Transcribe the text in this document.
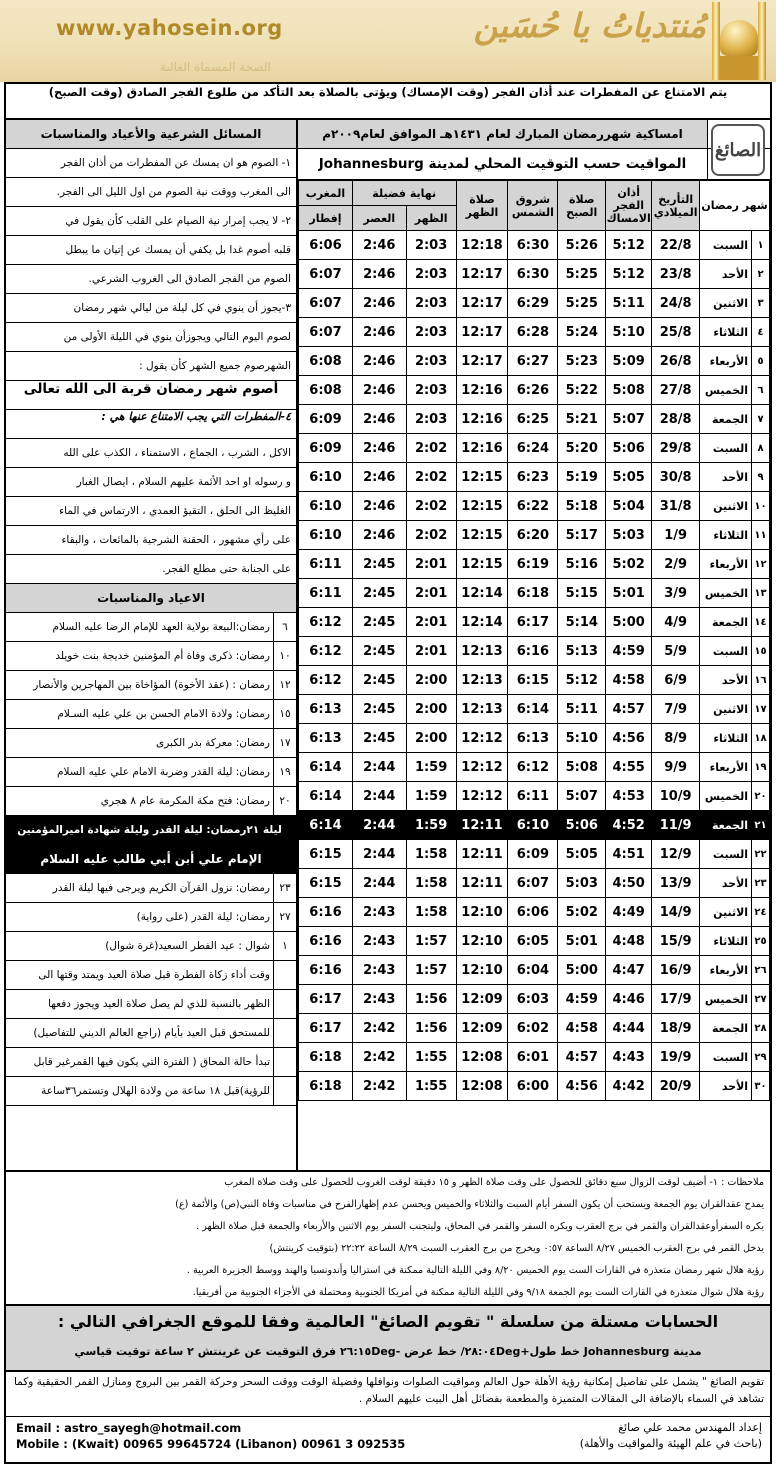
www.yahosein.org
الصحة المسماة الغالبة
مُنتدياتُ يا حُسَين
يتم الامتناع عن المفطرات عند أذان الفجر (وقت الإمساك) ويؤتى بالصلاة بعد التأكد من طلوع الفجر الصادق (وقت الصبح)
امساكية شهررمضان المبارك لعام ١٤٣١هـ الموافق لعام٢٠٠٩م
المواقيت حسب التوقيت المحلي لمدينة Johannesburg
الصائغ
شهر رمضان		التأريخ الميلادي	أذان الفجر الامساك	صلاة الصبح	شروق الشمس	صلاة الظهر	نهاية فضيلة		المغرب
							الظهر	العصر	إفطار
١	السبت	22/8	5:12	5:26	6:30	12:18	2:03	2:46	6:06
٢	الأحد	23/8	5:12	5:25	6:30	12:17	2:03	2:46	6:07
٣	الاثنين	24/8	5:11	5:25	6:29	12:17	2:03	2:46	6:07
٤	الثلاثاء	25/8	5:10	5:24	6:28	12:17	2:03	2:46	6:07
٥	الأربعاء	26/8	5:09	5:23	6:27	12:17	2:03	2:46	6:08
٦	الخميس	27/8	5:08	5:22	6:26	12:16	2:03	2:46	6:08
٧	الجمعة	28/8	5:07	5:21	6:25	12:16	2:03	2:46	6:09
٨	السبت	29/8	5:06	5:20	6:24	12:16	2:02	2:46	6:09
٩	الأحد	30/8	5:05	5:19	6:23	12:15	2:02	2:46	6:10
١٠	الاثنين	31/8	5:04	5:18	6:22	12:15	2:02	2:46	6:10
١١	الثلاثاء	1/9	5:03	5:17	6:20	12:15	2:02	2:46	6:10
١٢	الأربعاء	2/9	5:02	5:16	6:19	12:15	2:01	2:45	6:11
١٣	الخميس	3/9	5:01	5:15	6:18	12:14	2:01	2:45	6:11
١٤	الجمعة	4/9	5:00	5:14	6:17	12:14	2:01	2:45	6:12
١٥	السبت	5/9	4:59	5:13	6:16	12:13	2:01	2:45	6:12
١٦	الأحد	6/9	4:58	5:12	6:15	12:13	2:00	2:45	6:12
١٧	الاثنين	7/9	4:57	5:11	6:14	12:13	2:00	2:45	6:13
١٨	الثلاثاء	8/9	4:56	5:10	6:13	12:12	2:00	2:45	6:13
١٩	الأربعاء	9/9	4:55	5:08	6:12	12:12	1:59	2:44	6:14
٢٠	الخميس	10/9	4:53	5:07	6:11	12:12	1:59	2:44	6:14
٢١	الجمعة	11/9	4:52	5:06	6:10	12:11	1:59	2:44	6:14
٢٢	السبت	12/9	4:51	5:05	6:09	12:11	1:58	2:44	6:15
٢٣	الأحد	13/9	4:50	5:03	6:07	12:11	1:58	2:44	6:15
٢٤	الاثنين	14/9	4:49	5:02	6:06	12:10	1:58	2:43	6:16
٢٥	الثلاثاء	15/9	4:48	5:01	6:05	12:10	1:57	2:43	6:16
٢٦	الأربعاء	16/9	4:47	5:00	6:04	12:10	1:57	2:43	6:16
٢٧	الخميس	17/9	4:46	4:59	6:03	12:09	1:56	2:43	6:17
٢٨	الجمعة	18/9	4:44	4:58	6:02	12:09	1:56	2:42	6:17
٢٩	السبت	19/9	4:43	4:57	6:01	12:08	1:55	2:42	6:18
٣٠	الأحد	20/9	4:42	4:56	6:00	12:08	1:55	2:42	6:18
المسائل الشرعية والأعياد والمناسبات
١- الصوم هو ان يمسك عن المفطرات من أذان الفجر
الى المغرب ووقت نية الصوم من اول الليل الى الفجر.
٢- لا يجب إمرار نية الصيام على القلب كأن يقول في
قلبه أصوم غدا بل يكفي أن يمسك عن إتيان ما يبطل
الصوم من الفجر الصادق الى الغروب الشرعي.
٣-يجوز أن ينوي في كل ليلة من ليالي شهر رمضان
لصوم اليوم التالي ويجوزأن ينوي في الليلة الأولى من
الشهرصوم جميع الشهر كأن يقول :
أصوم شهر رمضان قربة الى الله تعالى
٤-المفطرات التي يجب الامتناع عنها هي :
الاكل ، الشرب ، الجماع ، الاستمناء ، الكذب على الله
و رسوله او احد الأئمة عليهم السلام ، ايصال الغبار
الغليظ الى الحلق ، التقيؤ العمدي ، الارتماس في الماء
على رأي مشهور ، الحقنة الشرجية بالمائعات ، والبقاء
على الجنابة حتى مطلع الفجر.
الاعياد والمناسبات
٦
رمضان:البيعة بولاية العهد للإمام الرضا عليه السلام
١٠
رمضان: ذكرى وفاة أم المؤمنين خديجة بنت خويلد
١٢
رمضان : (عقد الأخوة) المؤاخاة بين المهاجرين والأنصار
١٥
رمضان: ولادة الامام الحسن بن علي عليه السـلام
١٧
رمضان: معركة بدر الكبرى
١٩
رمضان: ليلة القدر وضربة الامام علي عليه السلام
٢٠
رمضان: فتح مكة المكرمة عام ٨ هجري
ليلة ٢١رمضان: ليلة القدر وليلة شهادة اميرالمؤمنين
الإمام علي أبن أبي طالب عليه السلام
٢٣
رمضان: نزول القرآن الكريم ويرجى فيها ليلة القدر
٢٧
رمضان: ليلة القدر (على رواية)
١
شوال : عيد الفطر السعيد(غرة شوال)
وقت أداء زكاة الفطرة قبل صلاة العيد ويمتد وقتها الى
الظهر بالنسبة للذي لم يصل صلاة العيد ويجوز دفعها
للمستحق قبل العيد بأيام (راجع العالم الديني للتفاصيل)
تبدأ حالة المحاق ( الفترة التي يكون فيها القمرغير قابل
للرؤية)قبل ١٨ ساعة من ولادة الهلال وتستمر٣٦ساعة
ملاحظات : ١- أضيف لوقت الزوال سبع دقائق للحصول على وقت صلاة الظهر و ١٥ دقيقة لوقت الغروب للحصول على وقت صلاة المغرب
يمدح عقدالقران يوم الجمعة ويستحب أن يكون السفر أيام السبت والثلاثاء والخميس ويحسن عدم إظهارالفرح في مناسبات وفاة النبي(ص) والأئمة (ع)
يكره السفرأوعقدالقران والقمر في برج العقرب ويكره السفر والقمر في المحاق، وليتجنب السفر يوم الاثنين والأربعاء والجمعة قبل صلاة الظهر .
يدخل القمر في برج العقرب الخميس ٨/٢٧ الساعة ٠:٥٧ ويخرج من برج العقرب السبت ٨/٢٩ الساعة ٢٢:٢٢ (بتوقيت كرينتش)
رؤية هلال شهر رمضان متعذرة في القارات الست يوم الخميس ٨/٢٠ وفي الليلة التالية ممكنة في استراليا وأندونسيا والهند ووسط الجزيرة العربية .
رؤية هلال شوال متعذرة في القارات الست يوم الجمعة ٩/١٨ وفي الليلة التالية ممكنة في أمريكا الجنوبية ومحتملة في الأجزاء الجنوبية من أفريقيا.
الحسابات مستلة من سلسلة " تقويم الصائغ" العالمية وفقا للموقع الجغرافي التالي :
مدينة Johannesburg خط طول+٢٨:٠٤Deg/ خط عرض -٢٦:١٥Deg فرق التوقيت عن غرينتش ٢ ساعة توقيت قياسي
تقويم الصائغ " يشمل على تفاصيل إمكانية رؤية الأهلة حول العالم ومواقيت الصلوات ونوافلها وفضيلة الوقت ووقت السحر وحركة القمر بين البروج ومنازل القمر الحقيقية وكما تشاهد في السماء بالإضافة الى المقالات المتميزة والمطعمة بفضائل أهل البيت عليهم السلام .
Email : astro_sayegh@hotmail.com
Mobile : (Kwait) 00965 99645724 (Libanon) 00961 3 092535
إعداد المهندس محمد علي صائغ
(باحث في علم الهيئة والمواقيت والأهلة)
